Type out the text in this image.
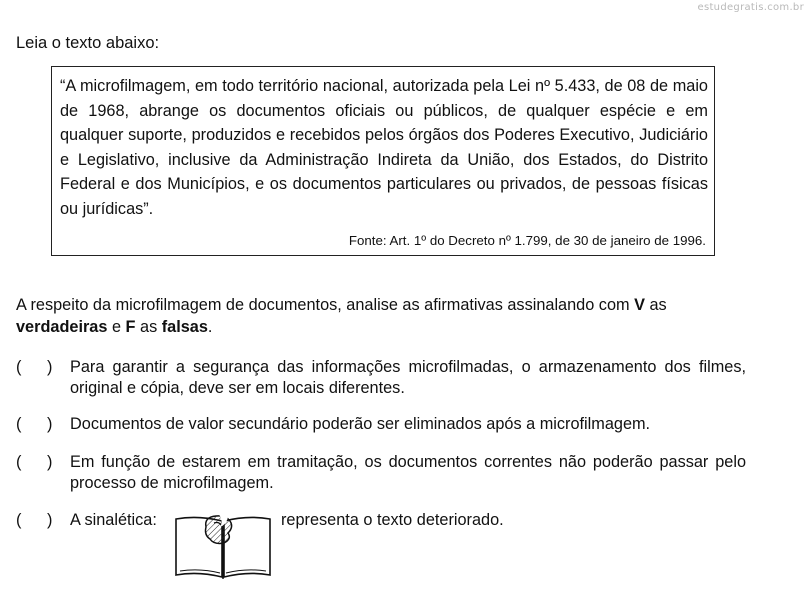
estudegratis.com.br
Leia o texto abaixo:
“A microfilmagem, em todo território nacional, autorizada pela Lei nº 5.433, de 08 de maio de 1968, abrange os documentos oficiais ou públicos, de qualquer espécie e em qualquer suporte, produzidos e recebidos pelos órgãos dos Poderes Executivo, Judiciário e Legislativo, inclusive da Administração Indireta da União, dos Estados, do Distrito Federal e dos Municípios, e os documentos particulares ou privados, de pessoas físicas ou jurídicas”.
Fonte: Art. 1º do Decreto nº 1.799, de 30 de janeiro de 1996.
A respeito da microfilmagem de documentos, analise as afirmativas assinalando com V as verdadeiras e F as falsas.
( ) Para garantir a segurança das informações microfilmadas, o armazenamento dos filmes, original e cópia, deve ser em locais diferentes.
( ) Documentos de valor secundário poderão ser eliminados após a microfilmagem.
( ) Em função de estarem em tramitação, os documentos correntes não poderão passar pelo processo de microfilmagem.
( ) A sinalética:	representa o texto deteriorado.
